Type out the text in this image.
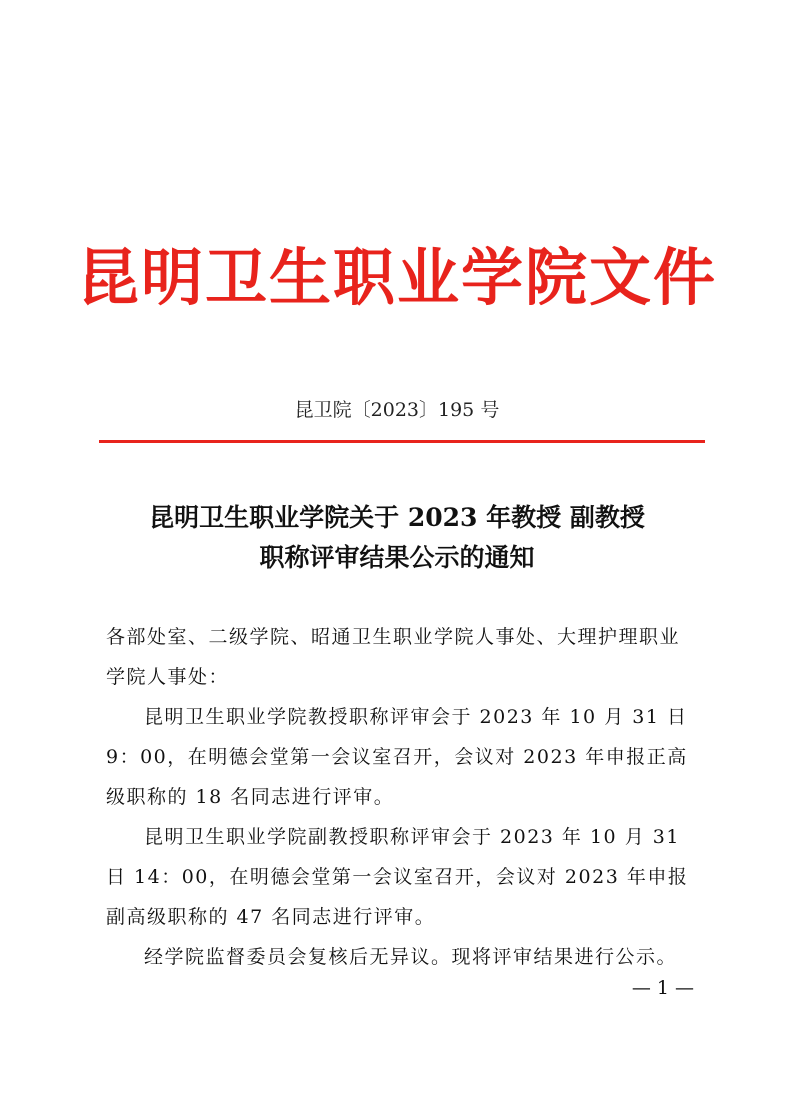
昆明卫生职业学院文件
昆卫院〔2023〕195 号
昆明卫生职业学院关于 2023 年教授 副教授
职称评审结果公示的通知

各部处室、二级学院、昭通卫生职业学院人事处、大理护理职业学院人事处：

昆明卫生职业学院教授职称评审会于 2023 年 10 月 31 日 9：00，在明德会堂第一会议室召开，会议对 2023 年申报正高级职称的 18 名同志进行评审。

昆明卫生职业学院副教授职称评审会于 2023 年 10 月 31 日 14：00，在明德会堂第一会议室召开，会议对 2023 年申报副高级职称的 47 名同志进行评审。

经学院监督委员会复核后无异议。现将评审结果进行公示。

— 1 —
